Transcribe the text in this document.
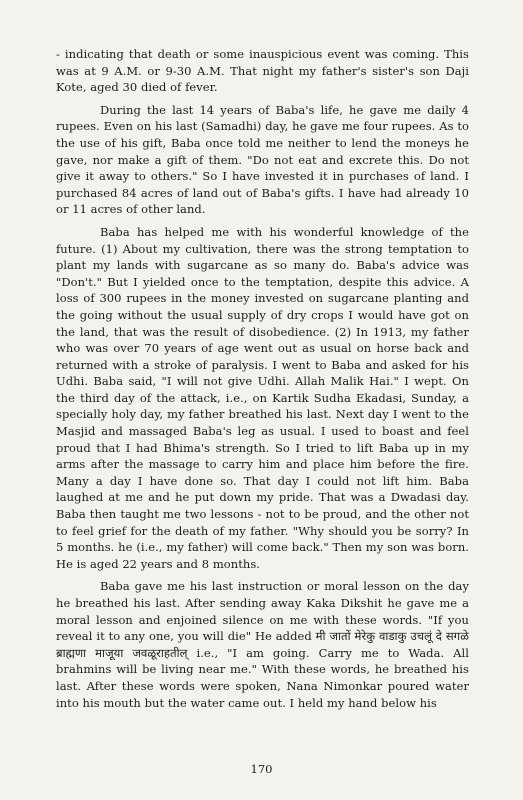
- indicating that death or some inauspicious event was coming. This was at 9 A.M. or 9-30 A.M. That night my father's sister's son Daji Kote, aged 30 died of fever.

During the last 14 years of Baba's life, he gave me daily 4 rupees. Even on his last (Samadhi) day, he gave me four rupees. As to the use of his gift, Baba once told me neither to lend the moneys he gave, nor make a gift of them. "Do not eat and excrete this. Do not give it away to others." So I have invested it in purchases of land. I purchased 84 acres of land out of Baba's gifts. I have had already 10 or 11 acres of other land.

Baba has helped me with his wonderful knowledge of the future. (1) About my cultivation, there was the strong temptation to plant my lands with sugarcane as so many do. Baba's advice was "Don't." But I yielded once to the temptation, despite this advice. A loss of 300 rupees in the money invested on sugarcane planting and the going without the usual supply of dry crops I would have got on the land, that was the result of disobedience. (2) In 1913, my father who was over 70 years of age went out as usual on horse back and returned with a stroke of paralysis. I went to Baba and asked for his Udhi. Baba said, "I will not give Udhi. Allah Malik Hai." I wept. On the third day of the attack, i.e., on Kartik Sudha Ekadasi, Sunday, a specially holy day, my father breathed his last. Next day I went to the Masjid and massaged Baba's leg as usual. I used to boast and feel proud that I had Bhima's strength. So I tried to lift Baba up in my arms after the massage to carry him and place him before the fire. Many a day I have done so. That day I could not lift him. Baba laughed at me and he put down my pride. That was a Dwadasi day. Baba then taught me two lessons - not to be proud, and the other not to feel grief for the death of my father. "Why should you be sorry? In 5 months. he (i.e., my father) will come back." Then my son was born. He is aged 22 years and 8 months.

Baba gave me his last instruction or moral lesson on the day he breathed his last. After sending away Kaka Dikshit he gave me a moral lesson and enjoined silence on me with these words. "If you reveal it to any one, you will die" He added मी जातों मेरेकु वाडाकु उचलूं दे सगळे ब्राह्मणा माजूया जवळूराहतील् i.e., "I am going. Carry me to Wada. All brahmins will be living near me." With these words, he breathed his last. After these words were spoken, Nana Nimonkar poured water into his mouth but the water came out. I held my hand below his

170
